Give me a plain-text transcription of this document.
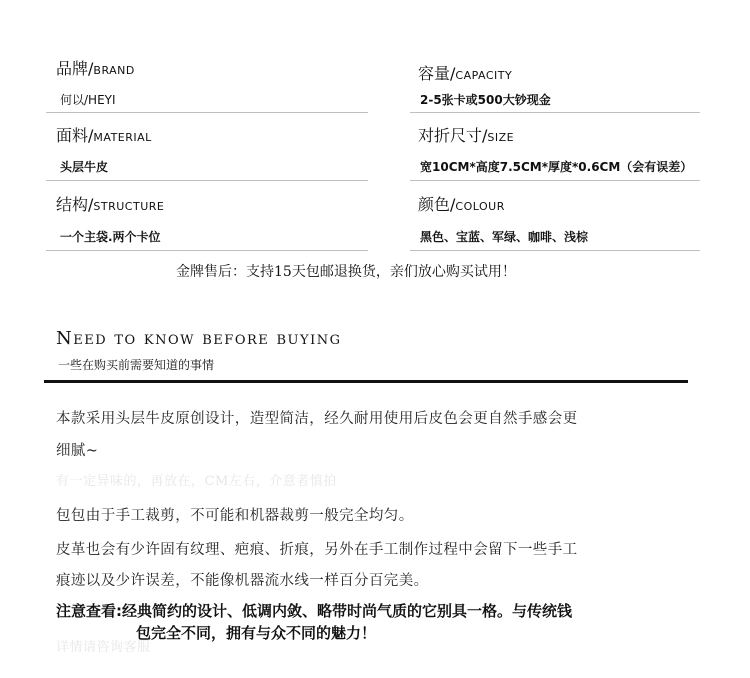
品牌/BRAND
何以/HEYI
面料/MATERIAL
头层牛皮
结构/STRUCTURE
一个主袋.两个卡位
容量/CAPACITY
2-5张卡或500大钞现金
对折尺寸/SIZE
宽10CM*高度7.5CM*厚度*0.6CM（会有误差）
颜色/COLOUR
黑色、宝蓝、军绿、咖啡、浅棕
金牌售后：支持15天包邮退换货，亲们放心购买试用！
Need to know before buying
一些在购买前需要知道的事情
本款采用头层牛皮原创设计，造型简洁，经久耐用使用后皮色会更自然手感会更
细腻~
有一定异味的，再放在，CM左右，介意者慎拍
包包由于手工裁剪，不可能和机器裁剪一般完全均匀。
皮革也会有少许固有纹理、疤痕、折痕，另外在手工制作过程中会留下一些手工
痕迹以及少许误差，不能像机器流水线一样百分百完美。
注意查看:经典简约的设计、低调内敛、略带时尚气质的它别具一格。与传统钱
包完全不同，拥有与众不同的魅力！
详情请咨询客服
